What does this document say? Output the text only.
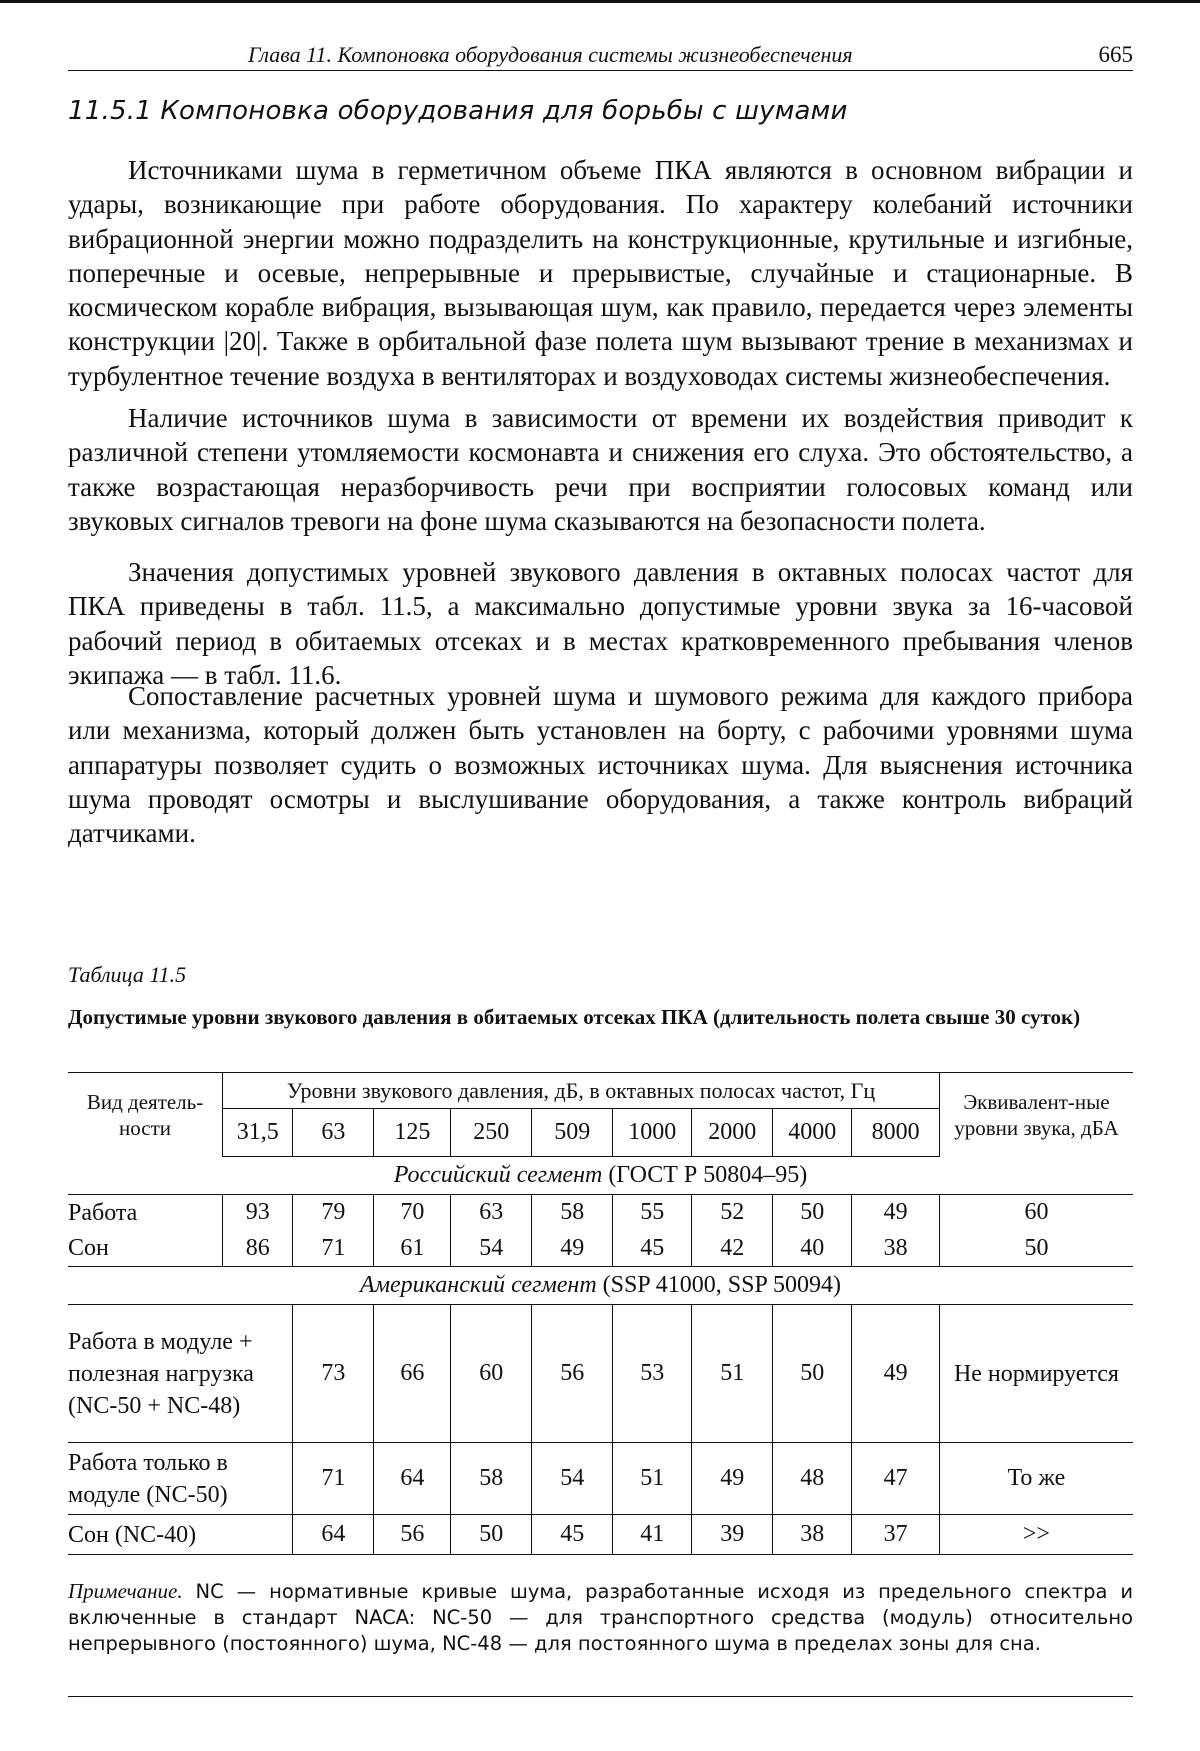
Глава 11. Компоновка оборудования системы жизнеобеспечения	665
11.5.1 Компоновка оборудования для борьбы с шумами

Источниками шума в герметичном объеме ПКА являются в основном вибрации и удары, возникающие при работе оборудования. По характеру колебаний источники вибрационной энергии можно подразделить на конструкционные, крутильные и изгибные, поперечные и осевые, непрерывные и прерывистые, случайные и стационарные. В космическом корабле вибрация, вызывающая шум, как правило, передается через элементы конструкции |20|. Также в орбитальной фазе полета шум вызывают трение в механизмах и турбулентное течение воздуха в вентиляторах и воздуховодах системы жизнеобеспечения.

Наличие источников шума в зависимости от времени их воздействия приводит к различной степени утомляемости космонавта и снижения его слуха. Это обстоятельство, а также возрастающая неразборчивость речи при восприятии голосовых команд или звуковых сигналов тревоги на фоне шума сказываются на безопасности полета.

Значения допустимых уровней звукового давления в октавных полосах частот для ПКА приведены в табл. 11.5, а максимально допустимые уровни звука за 16-часовой рабочий период в обитаемых отсеках и в местах кратковременного пребывания членов экипажа — в табл. 11.6.

Сопоставление расчетных уровней шума и шумового режима для каждого прибора или механизма, который должен быть установлен на борту, с рабочими уровнями шума аппаратуры позволяет судить о возможных источниках шума. Для выяснения источника шума проводят осмотры и выслушивание оборудования, а также контроль вибраций датчиками.

Таблица 11.5

Допустимые уровни звукового давления в обитаемых отсеках ПКА (длительность полета свыше 30 суток)

Вид деятель-ности	Уровни звукового давления, дБ, в октавных полосах частот, Гц									Эквивалент-ные уровни звука, дБА
	31,5	63	125	250	509	1000	2000	4000	8000	
Российский сегмент (ГОСТ Р 50804–95)										
Работа	93	79	70	63	58	55	52	50	49	60
Сон	86	71	61	54	49	45	42	40	38	50
Американский сегмент (SSP 41000, SSP 50094)										
Работа в модуле + полезная нагрузка (NC-50 + NC-48)		73	66	60	56	53	51	50	49	Не нормируется
Работа только в модуле (NC-50)		71	64	58	54	51	49	48	47	То же
Сон (NC-40)		64	56	50	45	41	39	38	37	>>

Примечание. NC — нормативные кривые шума, разработанные исходя из предельного спектра и включенные в стандарт NACA: NC-50 — для транспортного средства (модуль) относительно непрерывного (постоянного) шума, NC-48 — для постоянного шума в пределах зоны для сна.
